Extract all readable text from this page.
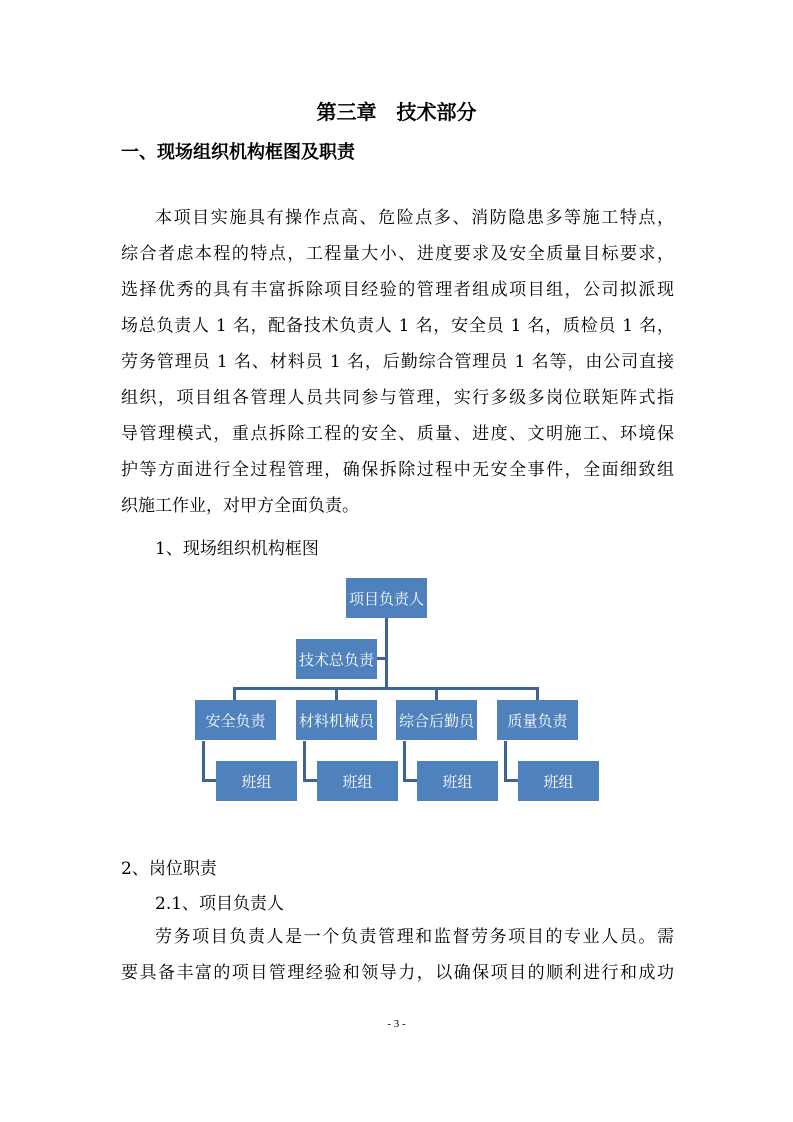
第三章　技术部分
一、现场组织机构框图及职责
本项目实施具有操作点高、危险点多、消防隐患多等施工特点，
综合者虑本程的特点，工程量大小、进度要求及安全质量目标要求，
选择优秀的具有丰富拆除项目经验的管理者组成项目组，公司拟派现
场总负责人 1 名，配备技术负责人 1 名，安全员 1 名，质检员 1 名，
劳务管理员 1 名、材料员 1 名，后勤综合管理员 1 名等，由公司直接
组织，项目组各管理人员共同参与管理，实行多级多岗位联矩阵式指
导管理模式，重点拆除工程的安全、质量、进度、文明施工、环境保
护等方面进行全过程管理，确保拆除过程中无安全事件，全面细致组
织施工作业，对甲方全面负责。
1、现场组织机构框图
项目负责人
技术总负责
安全负责	材料机械员 综合后勤员	质量负责
班组	班组	班组	班组
2、岗位职责
2.1、项目负责人
劳务项目负责人是一个负责管理和监督劳务项目的专业人员。需
要具备丰富的项目管理经验和领导力，以确保项目的顺利进行和成功
- 3 -
